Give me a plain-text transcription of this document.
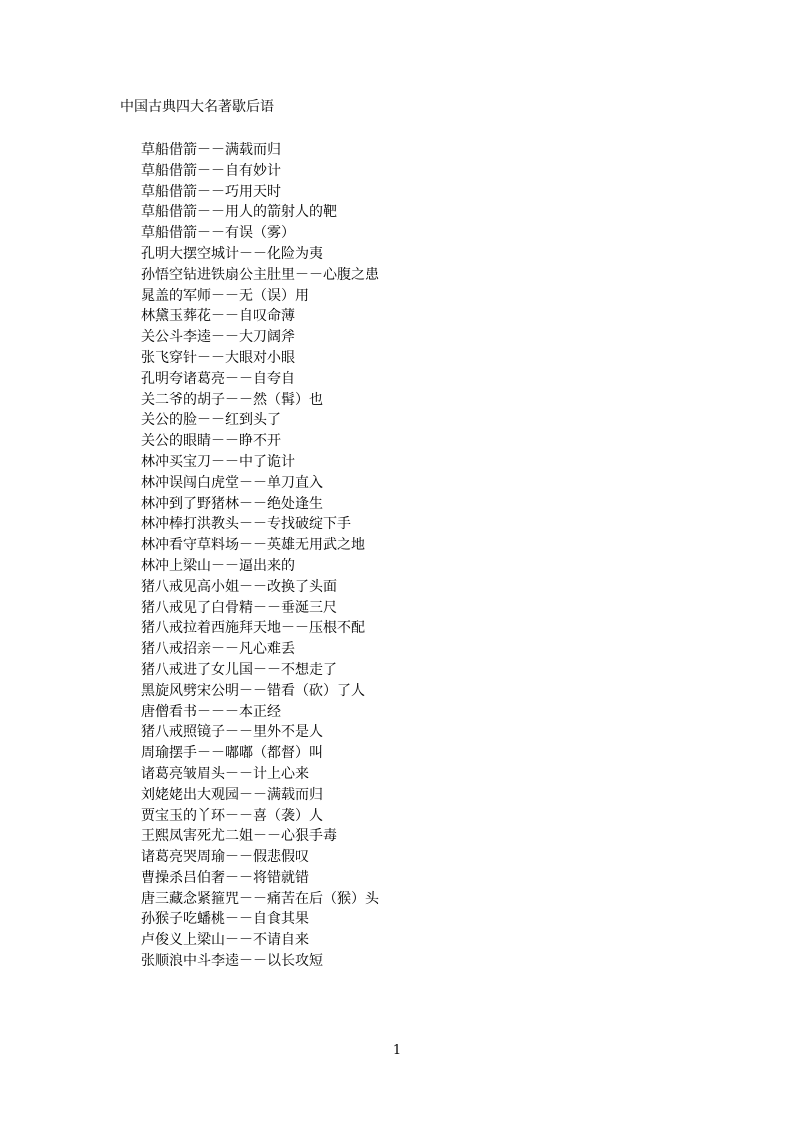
中国古典四大名著歇后语
草船借箭－－满载而归
草船借箭－－自有妙计
草船借箭－－巧用天时
草船借箭－－用人的箭射人的靶
草船借箭－－有误（雾）
孔明大摆空城计－－化险为夷
孙悟空钻进铁扇公主肚里－－心腹之患
晁盖的军师－－无（误）用
林黛玉葬花－－自叹命薄
关公斗李逵－－大刀阔斧
张飞穿针－－大眼对小眼
孔明夸诸葛亮－－自夸自
关二爷的胡子－－然（髯）也
关公的脸－－红到头了
关公的眼睛－－睁不开
林冲买宝刀－－中了诡计
林冲误闯白虎堂－－单刀直入
林冲到了野猪林－－绝处逢生
林冲棒打洪教头－－专找破绽下手
林冲看守草料场－－英雄无用武之地
林冲上梁山－－逼出来的
猪八戒见高小姐－－改换了头面
猪八戒见了白骨精－－垂涎三尺
猪八戒拉着西施拜天地－－压根不配
猪八戒招亲－－凡心难丢
猪八戒进了女儿国－－不想走了
黑旋风劈宋公明－－错看（砍）了人
唐僧看书－－－本正经
猪八戒照镜子－－里外不是人
周瑜摆手－－嘟嘟（都督）叫
诸葛亮皱眉头－－计上心来
刘姥姥出大观园－－满载而归
贾宝玉的丫环－－喜（袭）人
王熙凤害死尤二姐－－心狠手毒
诸葛亮哭周瑜－－假悲假叹
曹操杀吕伯奢－－将错就错
唐三藏念紧箍咒－－痛苦在后（猴）头
孙猴子吃蟠桃－－自食其果
卢俊义上梁山－－不请自来
张顺浪中斗李逵－－以长攻短
1
